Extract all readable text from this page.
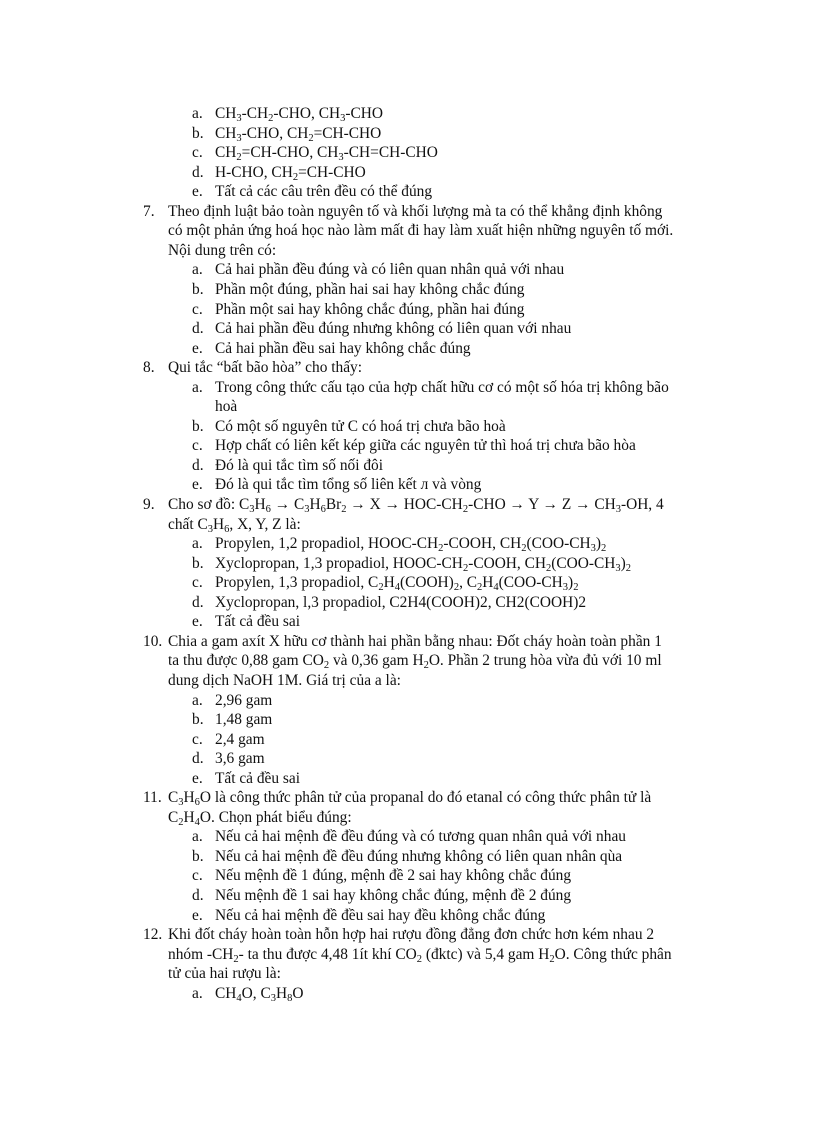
a. $CH_3-CH_2$-CHO, $CH_3$-CHO
b. $CH_3$-CHO, $CH_2=CH$-CHO
c. $CH_2=CH$-CHO, $CH_3-CH=CH$-CHO
d. H-CHO, $CH_2=CH$-CHO
e. Tất cả các câu trên đều có thể đúng
7. Theo định luật bảo toàn nguyên tố và khối lượng mà ta có thể khẳng định không
có một phản ứng hoá học nào làm mất đi hay làm xuất hiện những nguyên tố mới.
Nội dung trên có:
a. Cả hai phần đều đúng và có liên quan nhân quả với nhau
b. Phần một đúng, phần hai sai hay không chắc đúng
c. Phần một sai hay không chắc đúng, phần hai đúng
d. Cả hai phần đều đúng nhưng không có liên quan với nhau
e. Cả hai phần đều sai hay không chắc đúng
8. Qui tắc “bất bão hòa” cho thấy:
a. Trong công thức cấu tạo của hợp chất hữu cơ có một số hóa trị không bão
hoà
b. Có một số nguyên tử C có hoá trị chưa bão hoà
c. Hợp chất có liên kết kép giữa các nguyên tử thì hoá trị chưa bão hòa
d. Đó là qui tắc tìm số nối đôi
e. Đó là qui tắc tìm tổng số liên kết л và vòng
9. Cho sơ đồ: $C_3H_6 \to C_3H_6Br_2 \to X \to HOC-CH_2-CHO \to Y \to Z \to CH_3-OH$, 4
chất $C_3H_6$, X, Y, Z là:
a. Propylen, 1,2 propadiol, HOOC-$CH_2$-COOH, $CH_2(COO-CH_3)_2$
b. Xyclopropan, 1,3 propadiol, HOOC-$CH_2$-COOH, $CH_2(COO-CH_3)_2$
c. Propylen, 1,3 propadiol, $C_2H_4(COOH)_2$, $C_2H_4(COO-CH_3)_2$
d. Xyclopropan, l,3 propadiol, C2H4(COOH)2, CH2(COOH)2
e. Tất cả đều sai
10. Chia a gam axít X hữu cơ thành hai phần bằng nhau: Đốt cháy hoàn toàn phần 1
ta thu được 0,88 gam $CO_2$ và 0,36 gam $H_2O$. Phần 2 trung hòa vừa đủ với 10 ml
dung dịch NaOH 1M. Giá trị của a là:
a. 2,96 gam
b. 1,48 gam
c. 2,4 gam
d. 3,6 gam
e. Tất cả đều sai
11. $C_3H_6O$ là công thức phân tử của propanal do đó etanal có công thức phân tử là
$C_2H_4O$. Chọn phát biểu đúng:
a. Nếu cả hai mệnh đề đều đúng và có tương quan nhân quả với nhau
b. Nếu cả hai mệnh đề đều đúng nhưng không có liên quan nhân qùa
c. Nếu mệnh đề 1 đúng, mệnh đề 2 sai hay không chắc đúng
d. Nếu mệnh đề 1 sai hay không chắc đúng, mệnh đề 2 đúng
e. Nếu cả hai mệnh đề đều sai hay đều không chắc đúng
12. Khi đốt cháy hoàn toàn hỗn hợp hai rượu đồng đẳng đơn chức hơn kém nhau 2
nhóm $-CH_2-$ ta thu được 4,48 1ít khí $CO_2$ (đktc) và 5,4 gam $H_2O$. Công thức phân
tử của hai rượu là:
a. $CH_4O$, $C_3H_8O$
